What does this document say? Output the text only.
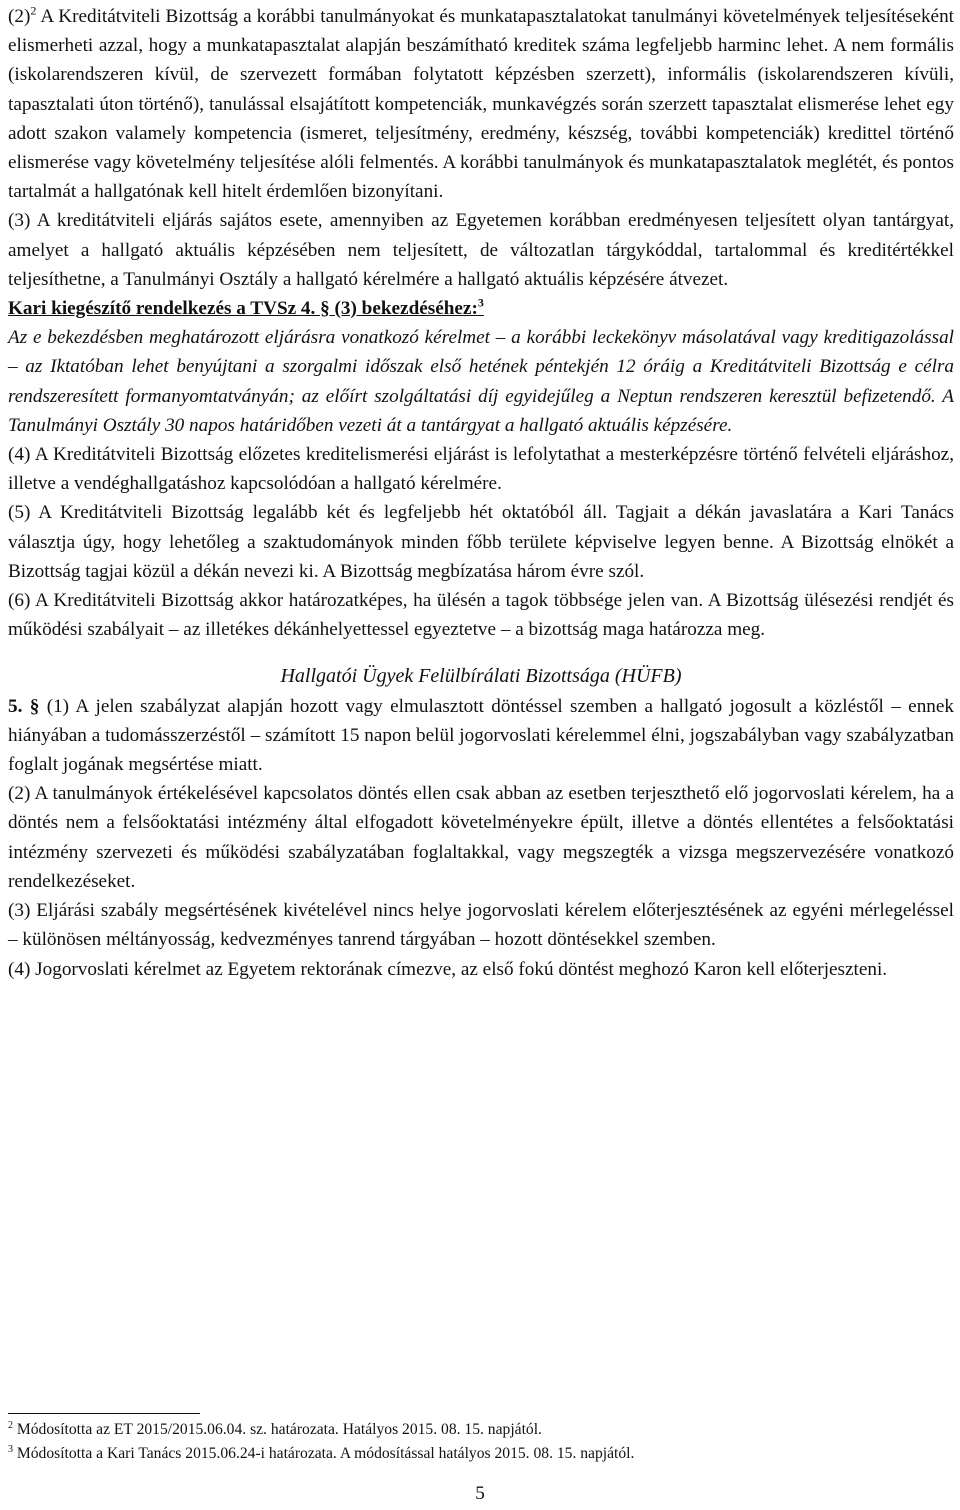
$(2)^2$ A Kreditátviteli Bizottság a korábbi tanulmányokat és munkatapasztalatokat tanulmányi követelmények teljesítéseként elismerheti azzal, hogy a munkatapasztalat alapján beszámítható kreditek száma legfeljebb harminc lehet. A nem formális (iskolarendszeren kívül, de szervezett formában folytatott képzésben szerzett), informális (iskolarendszeren kívüli, tapasztalati úton történő), tanulással elsajátított kompetenciák, munkavégzés során szerzett tapasztalat elismerése lehet egy adott szakon valamely kompetencia (ismeret, teljesítmény, eredmény, készség, további kompetenciák) kredittel történő elismerése vagy követelmény teljesítése alóli felmentés. A korábbi tanulmányok és munkatapasztalatok meglétét, és pontos tartalmát a hallgatónak kell hitelt érdemlően bizonyítani.

(3) A kreditátviteli eljárás sajátos esete, amennyiben az Egyetemen korábban eredményesen teljesített olyan tantárgyat, amelyet a hallgató aktuális képzésében nem teljesített, de változatlan tárgykóddal, tartalommal és kreditértékkel teljesíthetne, a Tanulmányi Osztály a hallgató kérelmére a hallgató aktuális képzésére átvezet.

Kari kiegészítő rendelkezés a TVSz 4. § (3) bekezdéséhez:$^3$

Az e bekezdésben meghatározott eljárásra vonatkozó kérelmet – a korábbi leckekönyv másolatával vagy kreditigazolással – az Iktatóban lehet benyújtani a szorgalmi időszak első hetének péntekjén 12 óráig a Kreditátviteli Bizottság e célra rendszeresített formanyomtatványán; az előírt szolgáltatási díj egyidejűleg a Neptun rendszeren keresztül befizetendő. A Tanulmányi Osztály 30 napos határidőben vezeti át a tantárgyat a hallgató aktuális képzésére.

(4) A Kreditátviteli Bizottság előzetes kreditelismerési eljárást is lefolytathat a mesterképzésre történő felvételi eljáráshoz, illetve a vendéghallgatáshoz kapcsolódóan a hallgató kérelmére.

(5) A Kreditátviteli Bizottság legalább két és legfeljebb hét oktatóból áll. Tagjait a dékán javaslatára a Kari Tanács választja úgy, hogy lehetőleg a szaktudományok minden főbb területe képviselve legyen benne. A Bizottság elnökét a Bizottság tagjai közül a dékán nevezi ki. A Bizottság megbízatása három évre szól.

(6) A Kreditátviteli Bizottság akkor határozatképes, ha ülésén a tagok többsége jelen van. A Bizottság ülésezési rendjét és működési szabályait – az illetékes dékánhelyettessel egyeztetve – a bizottság maga határozza meg.

Hallgatói Ügyek Felülbírálati Bizottsága (HÜFB)

5. § (1) A jelen szabályzat alapján hozott vagy elmulasztott döntéssel szemben a hallgató jogosult a közléstől – ennek hiányában a tudomásszerzéstől – számított 15 napon belül jogorvoslati kérelemmel élni, jogszabályban vagy szabályzatban foglalt jogának megsértése miatt.

(2) A tanulmányok értékelésével kapcsolatos döntés ellen csak abban az esetben terjeszthető elő jogorvoslati kérelem, ha a döntés nem a felsőoktatási intézmény által elfogadott követelményekre épült, illetve a döntés ellentétes a felsőoktatási intézmény szervezeti és működési szabályzatában foglaltakkal, vagy megszegték a vizsga megszervezésére vonatkozó rendelkezéseket.

(3) Eljárási szabály megsértésének kivételével nincs helye jogorvoslati kérelem előterjesztésének az egyéni mérlegeléssel – különösen méltányosság, kedvezményes tanrend tárgyában – hozott döntésekkel szemben.

(4) Jogorvoslati kérelmet az Egyetem rektorának címezve, az első fokú döntést meghozó Karon kell előterjeszteni.

$^2$ Módosította az ET 2015/2015.06.04. sz. határozata. Hatályos 2015. 08. 15. napjától.

$^3$ Módosította a Kari Tanács 2015.06.24-i határozata. A módosítással hatályos 2015. 08. 15. napjától.

5
